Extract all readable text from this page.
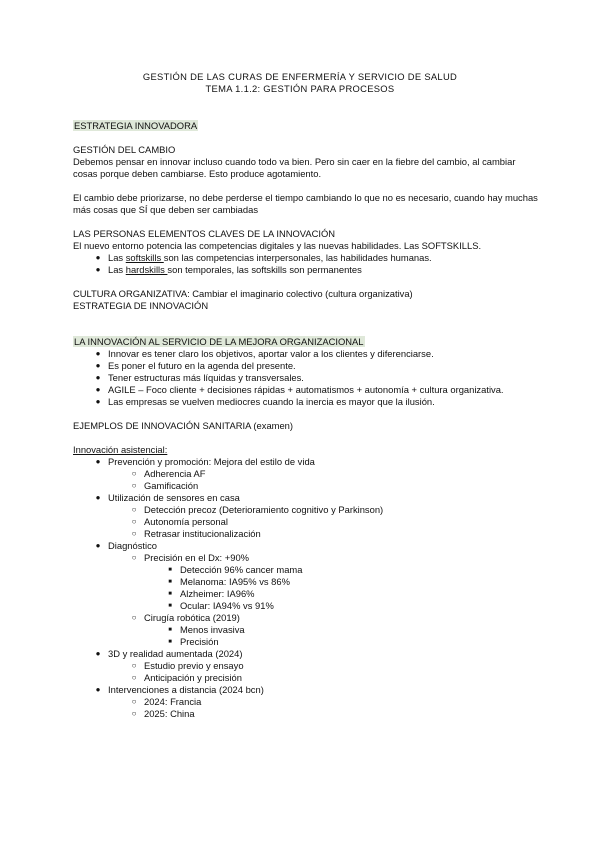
GESTIÓN DE LAS CURAS DE ENFERMERÍA Y SERVICIO DE SALUD
TEMA 1.1.2: GESTIÓN PARA PROCESOS
ESTRATEGIA INNOVADORA
GESTIÓN DEL CAMBIO
Debemos pensar en innovar incluso cuando todo va bien. Pero sin caer en la fiebre del cambio, al cambiar
cosas porque deben cambiarse. Esto produce agotamiento.
El cambio debe priorizarse, no debe perderse el tiempo cambiando lo que no es necesario, cuando hay muchas
más cosas que SÍ que deben ser cambiadas
LAS PERSONAS ELEMENTOS CLAVES DE LA INNOVACIÓN
El nuevo entorno potencia las competencias digitales y las nuevas habilidades. Las SOFTSKILLS.
● Las softskills son las competencias interpersonales, las habilidades humanas.
● Las hardskills son temporales, las softskills son permanentes
CULTURA ORGANIZATIVA: Cambiar el imaginario colectivo (cultura organizativa)
ESTRATEGIA DE INNOVACIÓN
LA INNOVACIÓN AL SERVICIO DE LA MEJORA ORGANIZACIONAL
● Innovar es tener claro los objetivos, aportar valor a los clientes y diferenciarse.
● Es poner el futuro en la agenda del presente.
● Tener estructuras más líquidas y transversales.
● AGILE – Foco cliente + decisiones rápidas + automatismos + autonomía + cultura organizativa.
● Las empresas se vuelven mediocres cuando la inercia es mayor que la ilusión.
EJEMPLOS DE INNOVACIÓN SANITARIA (examen)
Innovación asistencial:
● Prevención y promoción: Mejora del estilo de vida
○ Adherencia AF
○ Gamificación
● Utilización de sensores en casa
○ Detección precoz (Deterioramiento cognitivo y Parkinson)
○ Autonomía personal
○ Retrasar institucionalización
● Diagnóstico
○ Precisión en el Dx: +90%
■ Detección 96% cancer mama
■ Melanoma: IA95% vs 86%
■ Alzheimer: IA96%
■ Ocular: IA94% vs 91%
○ Cirugía robótica (2019)
■ Menos invasiva
■ Precisión
● 3D y realidad aumentada (2024)
○ Estudio previo y ensayo
○ Anticipación y precisión
● Intervenciones a distancia (2024 bcn)
○ 2024: Francia
○ 2025: China
